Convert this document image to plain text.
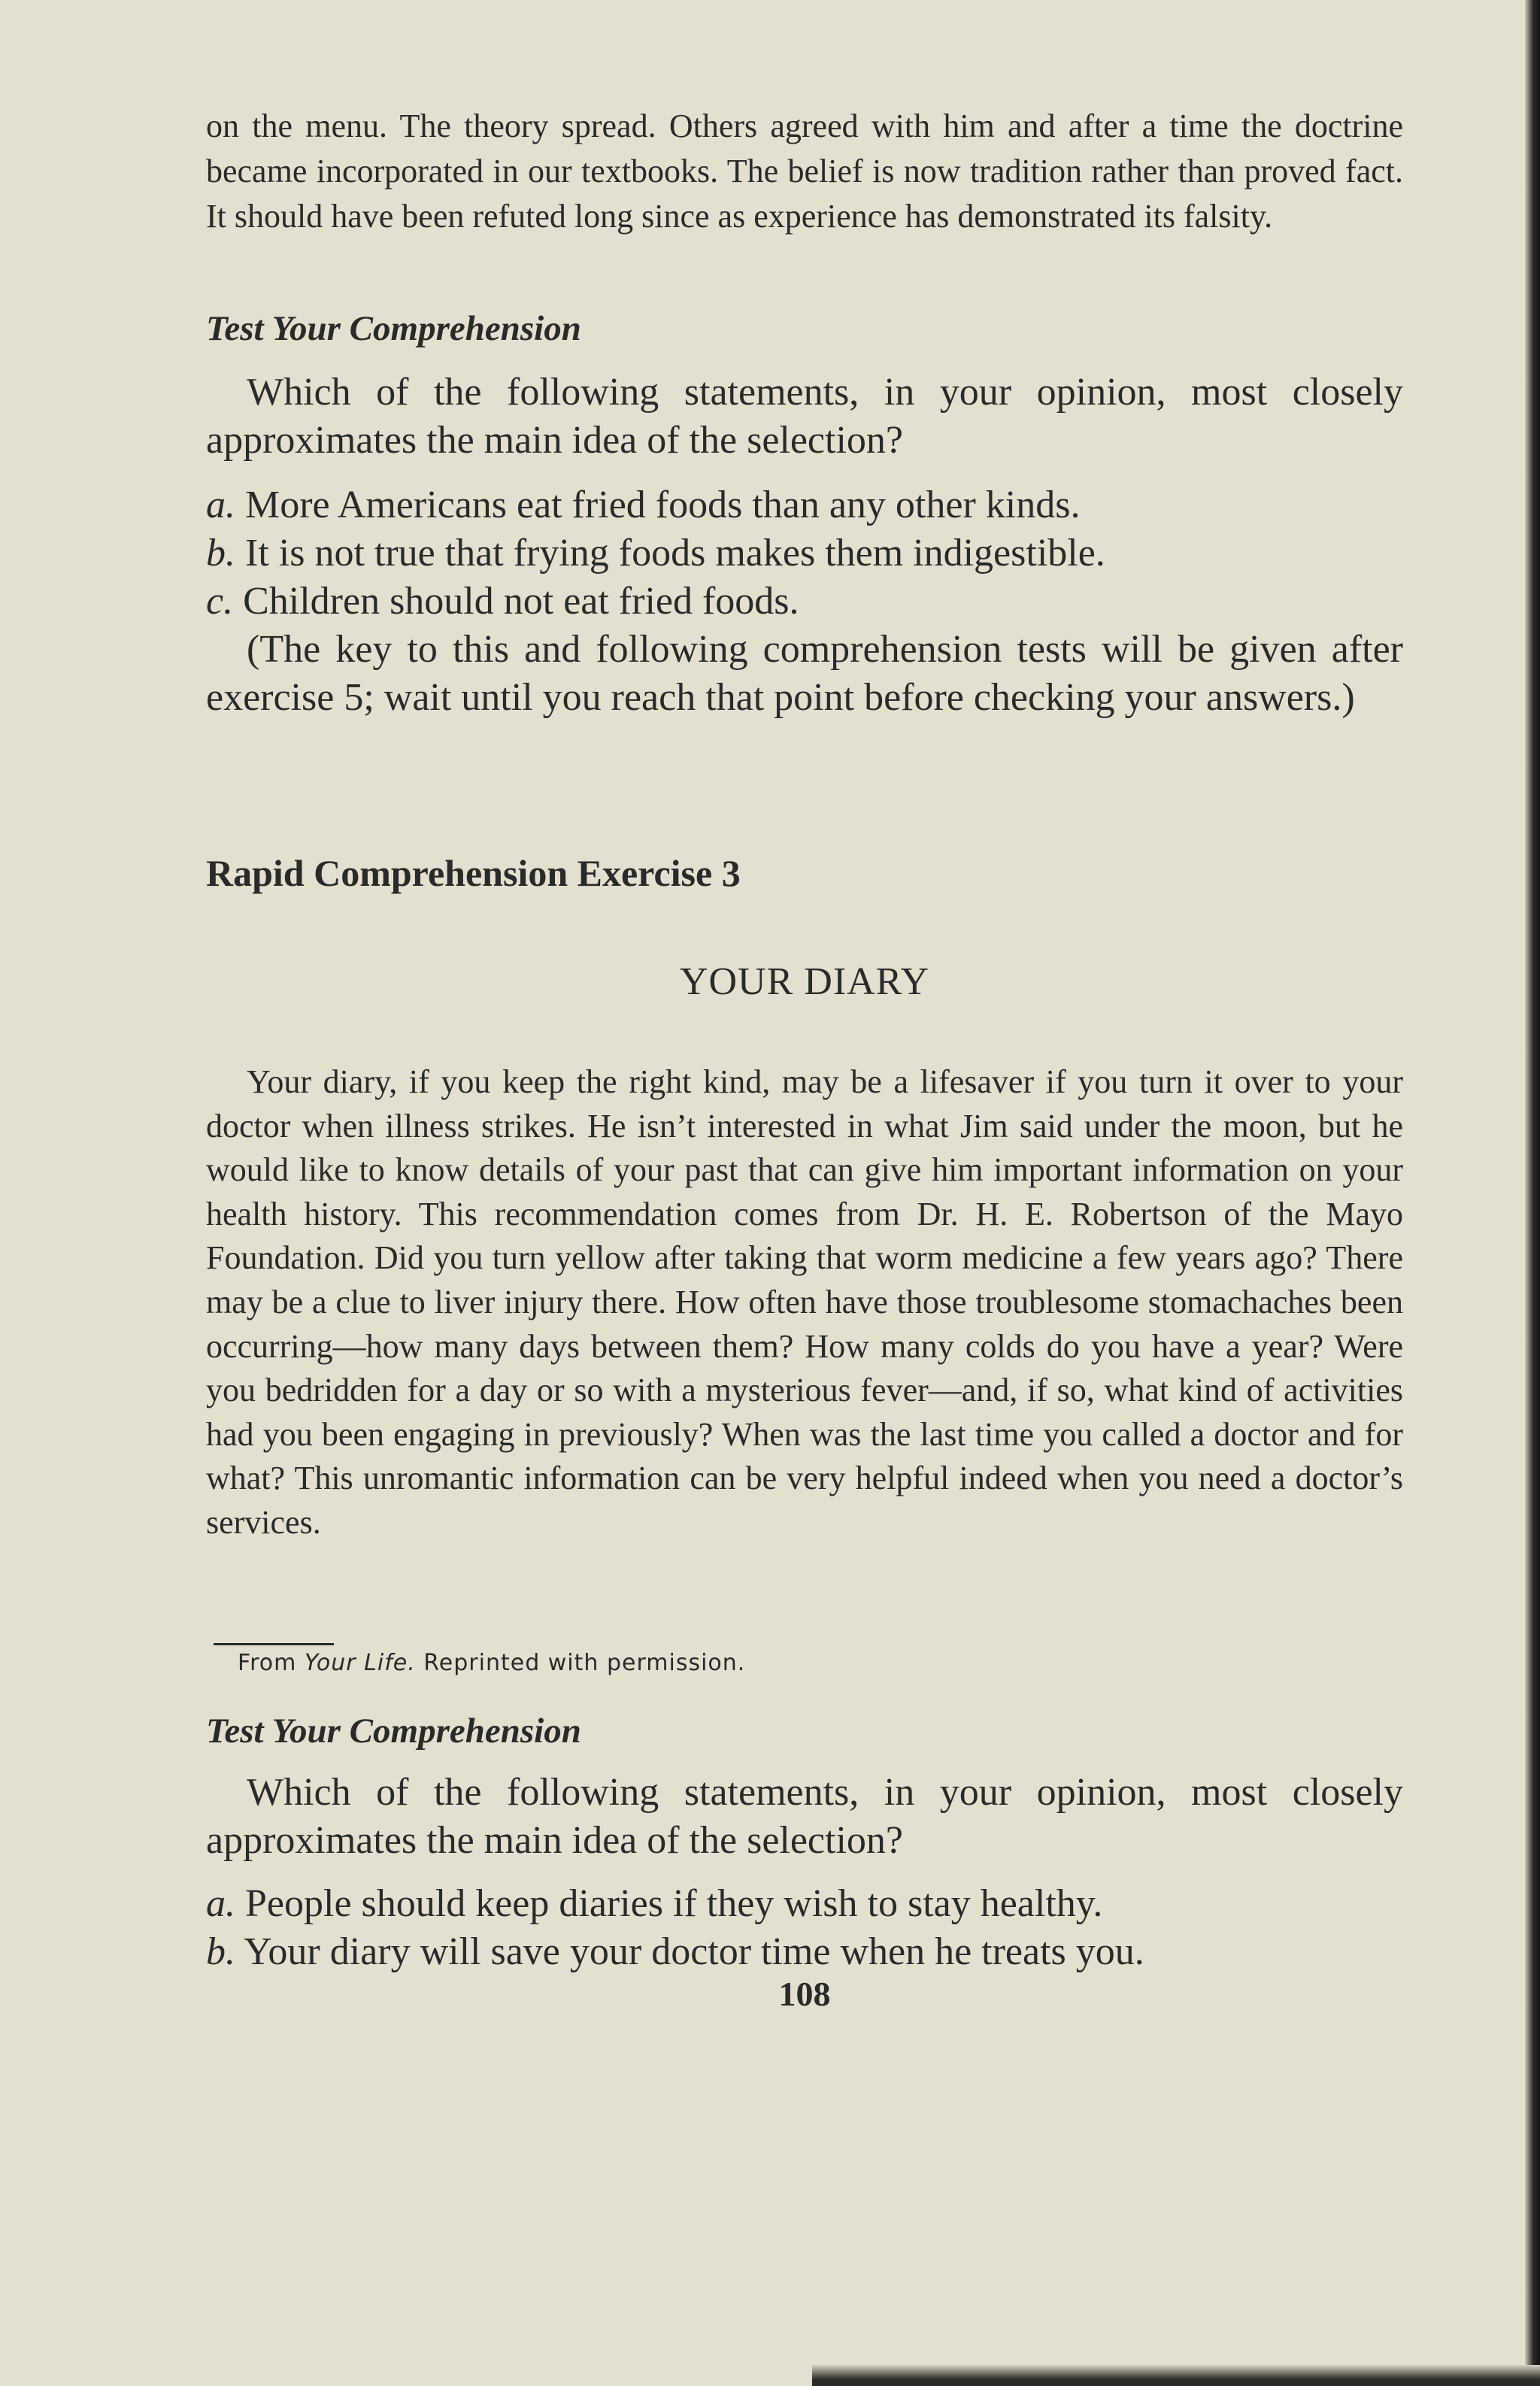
on the menu. The theory spread. Others agreed with him and after a time the doctrine became incorporated in our textbooks. The belief is now tradition rather than proved fact. It should have been refuted long since as experience has demonstrated its falsity.

Test Your Comprehension

Which of the following statements, in your opinion, most closely approximates the main idea of the selection?

a. More Americans eat fried foods than any other kinds.

b. It is not true that frying foods makes them indigestible.

c. Children should not eat fried foods.

(The key to this and following comprehension tests will be given after exercise 5; wait until you reach that point before checking your answers.)

Rapid Comprehension Exercise 3

YOUR DIARY

Your diary, if you keep the right kind, may be a lifesaver if you turn it over to your doctor when illness strikes. He isn’t interested in what Jim said under the moon, but he would like to know details of your past that can give him important information on your health history. This recommendation comes from Dr. H. E. Robertson of the Mayo Foundation. Did you turn yellow after taking that worm medicine a few years ago? There may be a clue to liver injury there. How often have those troublesome stomachaches been occurring—how many days between them? How many colds do you have a year? Were you bedridden for a day or so with a mysterious fever—and, if so, what kind of activities had you been engaging in previously? When was the last time you called a doctor and for what? This unromantic information can be very helpful indeed when you need a doctor’s services.

From Your Life. Reprinted with permission.

Test Your Comprehension

Which of the following statements, in your opinion, most closely approximates the main idea of the selection?

a. People should keep diaries if they wish to stay healthy.

b. Your diary will save your doctor time when he treats you.

108
